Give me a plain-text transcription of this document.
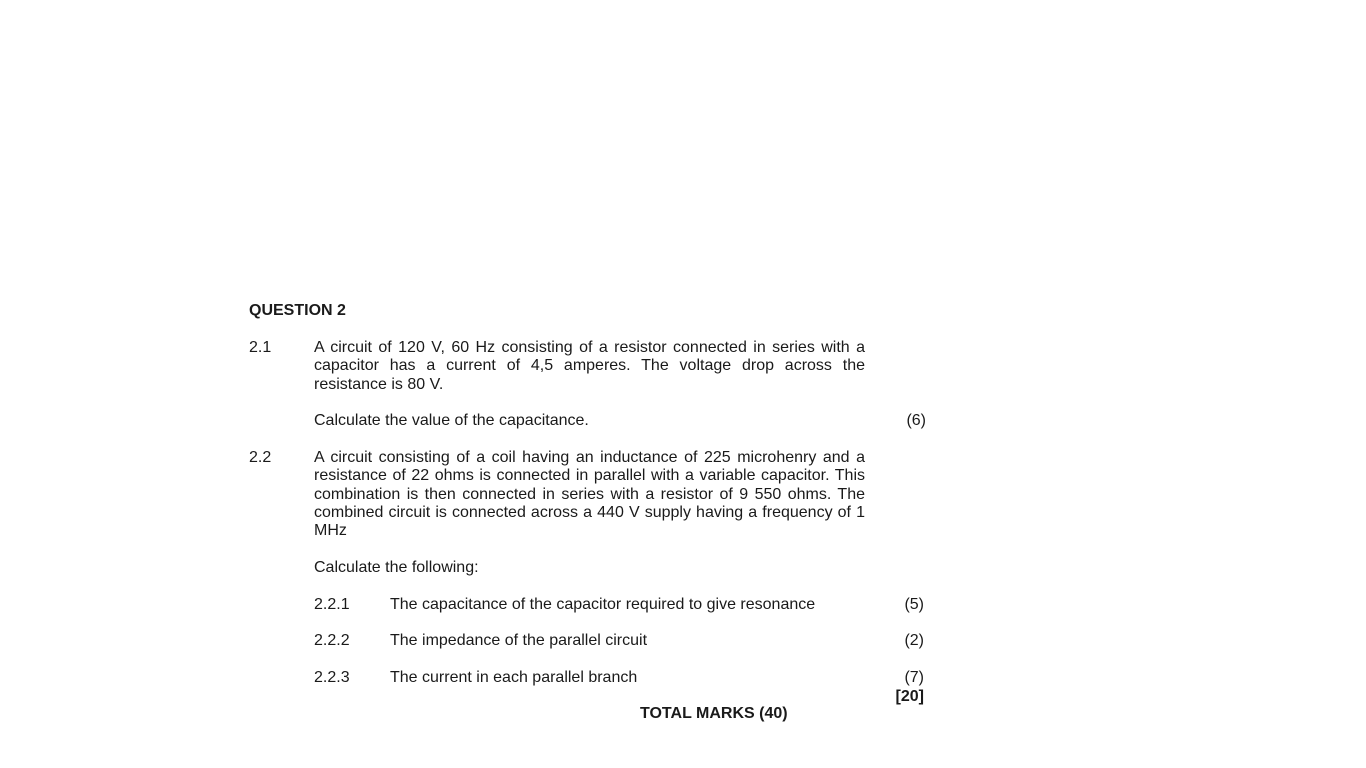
QUESTION 2
2.1	A circuit of 120 V, 60 Hz consisting of a resistor connected in series with a capacitor has a current of 4,5 amperes. The voltage drop across the resistance is 80 V.
Calculate the value of the capacitance.	(6)
2.2	A circuit consisting of a coil having an inductance of 225 microhenry and a resistance of 22 ohms is connected in parallel with a variable capacitor. This combination is then connected in series with a resistor of 9 550 ohms. The combined circuit is connected across a 440 V supply having a frequency of 1 MHz
Calculate the following:
2.2.1	The capacitance of the capacitor required to give resonance	(5)
2.2.2	The impedance of the parallel circuit	(2)
2.2.3	The current in each parallel branch	(7)
[20]
TOTAL MARKS (40)
